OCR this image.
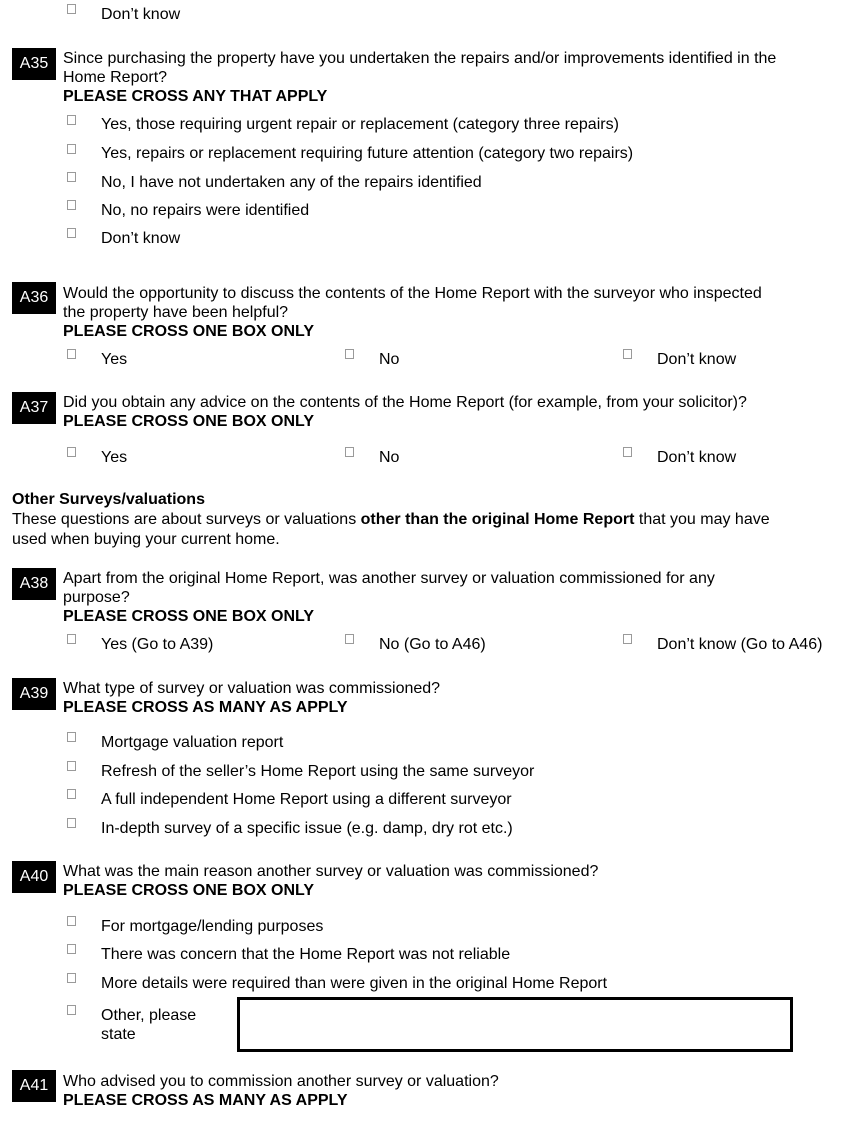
Don’t know
A35 Since purchasing the property have you undertaken the repairs and/or improvements identified in the Home Report?
PLEASE CROSS ANY THAT APPLY
Yes, those requiring urgent repair or replacement (category three repairs)
Yes, repairs or replacement requiring future attention (category two repairs)
No, I have not undertaken any of the repairs identified
No, no repairs were identified
Don’t know
A36 Would the opportunity to discuss the contents of the Home Report with the surveyor who inspected the property have been helpful?
PLEASE CROSS ONE BOX ONLY
Yes	No	Don’t know
A37 Did you obtain any advice on the contents of the Home Report (for example, from your solicitor)?
PLEASE CROSS ONE BOX ONLY
Yes	No	Don’t know
Other Surveys/valuations
These questions are about surveys or valuations other than the original Home Report that you may have used when buying your current home.
A38 Apart from the original Home Report, was another survey or valuation commissioned for any purpose?
PLEASE CROSS ONE BOX ONLY
Yes (Go to A39)	No (Go to A46)	Don’t know (Go to A46)
A39 What type of survey or valuation was commissioned?
PLEASE CROSS AS MANY AS APPLY
Mortgage valuation report
Refresh of the seller’s Home Report using the same surveyor
A full independent Home Report using a different surveyor
In-depth survey of a specific issue (e.g. damp, dry rot etc.)
A40 What was the main reason another survey or valuation was commissioned?
PLEASE CROSS ONE BOX ONLY
For mortgage/lending purposes
There was concern that the Home Report was not reliable
More details were required than were given in the original Home Report
Other, please
state
A41 Who advised you to commission another survey or valuation?
PLEASE CROSS AS MANY AS APPLY
